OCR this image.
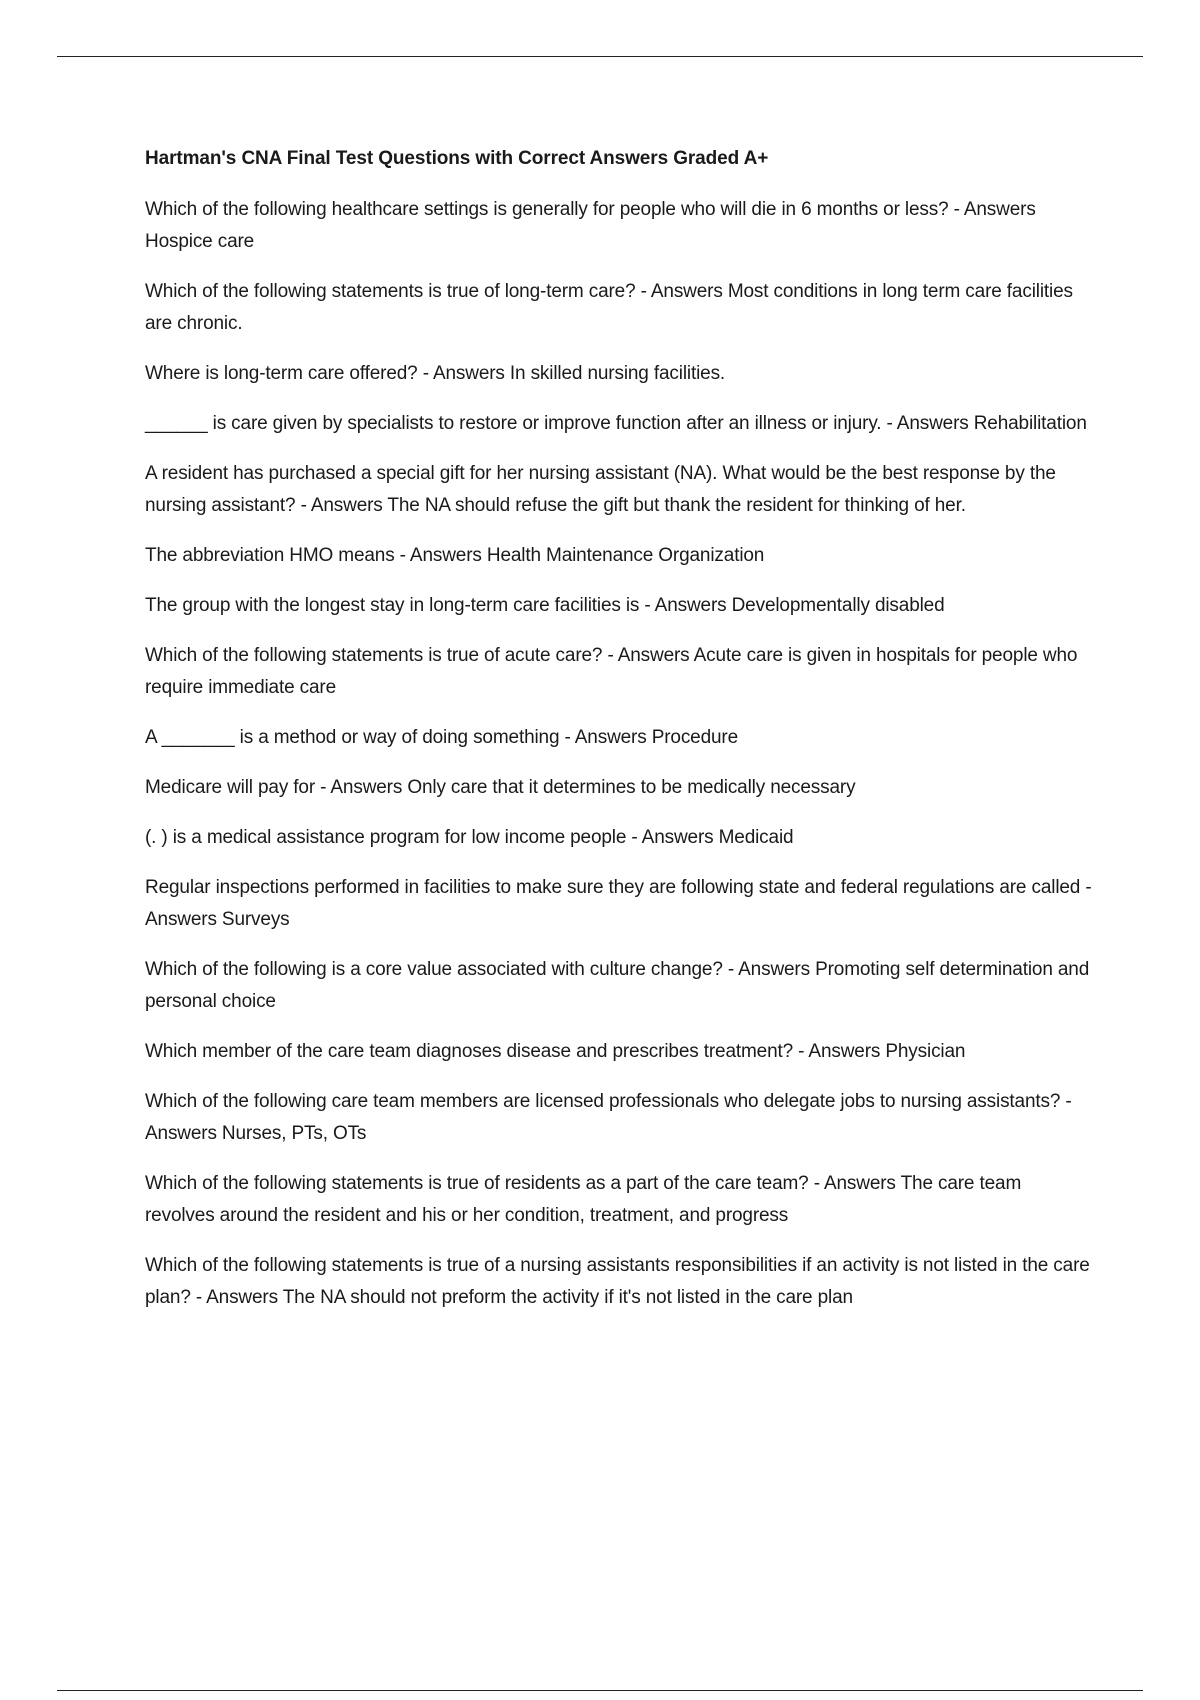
Hartman's CNA Final Test Questions with Correct Answers Graded A+
Which of the following healthcare settings is generally for people who will die in 6 months or less? - Answers Hospice care
Which of the following statements is true of long-term care? - Answers Most conditions in long term care facilities are chronic.
Where is long-term care offered? - Answers In skilled nursing facilities.
______ is care given by specialists to restore or improve function after an illness or injury. - Answers Rehabilitation
A resident has purchased a special gift for her nursing assistant (NA). What would be the best response by the nursing assistant? - Answers The NA should refuse the gift but thank the resident for thinking of her.
The abbreviation HMO means - Answers Health Maintenance Organization
The group with the longest stay in long-term care facilities is - Answers Developmentally disabled
Which of the following statements is true of acute care? - Answers Acute care is given in hospitals for people who require immediate care
A _______ is a method or way of doing something - Answers Procedure
Medicare will pay for - Answers Only care that it determines to be medically necessary
(. ) is a medical assistance program for low income people - Answers Medicaid
Regular inspections performed in facilities to make sure they are following state and federal regulations are called - Answers Surveys
Which of the following is a core value associated with culture change? - Answers Promoting self determination and personal choice
Which member of the care team diagnoses disease and prescribes treatment? - Answers Physician
Which of the following care team members are licensed professionals who delegate jobs to nursing assistants? - Answers Nurses, PTs, OTs
Which of the following statements is true of residents as a part of the care team? - Answers The care team revolves around the resident and his or her condition, treatment, and progress
Which of the following statements is true of a nursing assistants responsibilities if an activity is not listed in the care plan? - Answers The NA should not preform the activity if it's not listed in the care plan
